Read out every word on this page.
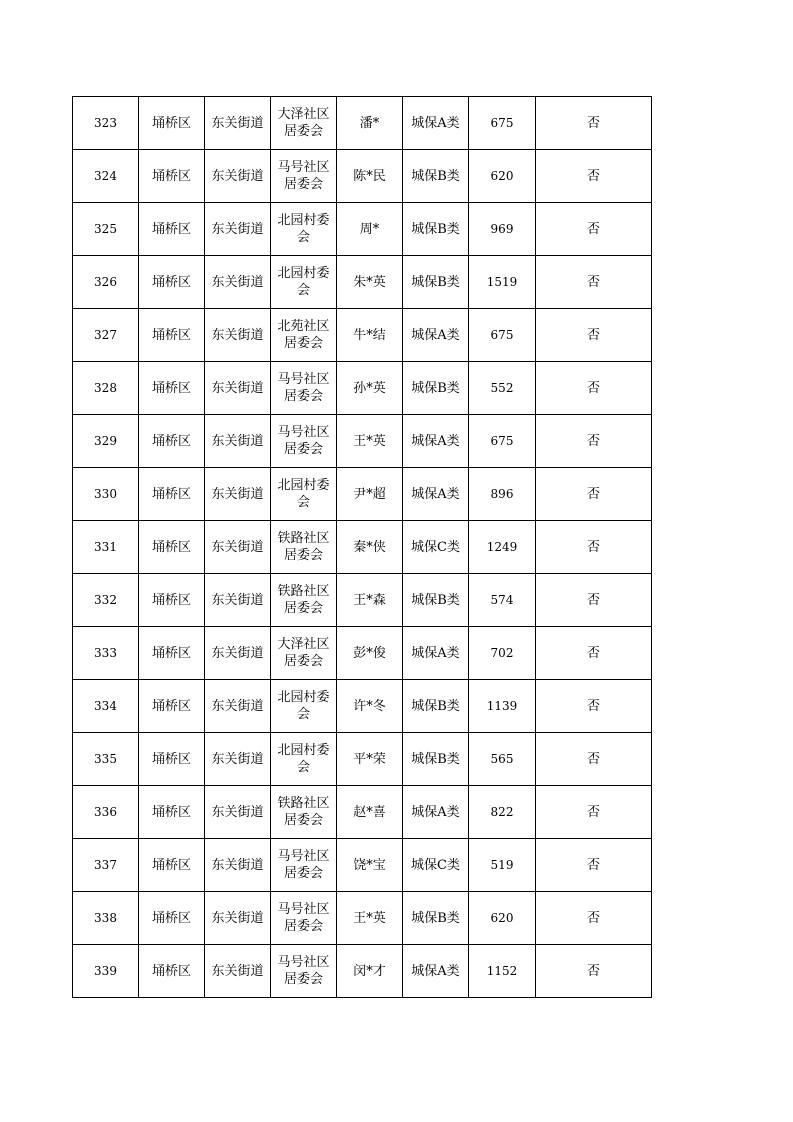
323	埇桥区	东关街道	大泽社区居委会	潘*	城保A类	675	否
324	埇桥区	东关街道	马号社区居委会	陈*民	城保B类	620	否
325	埇桥区	东关街道	北园村委会	周*	城保B类	969	否
326	埇桥区	东关街道	北园村委会	朱*英	城保B类	1519	否
327	埇桥区	东关街道	北苑社区居委会	牛*结	城保A类	675	否
328	埇桥区	东关街道	马号社区居委会	孙*英	城保B类	552	否
329	埇桥区	东关街道	马号社区居委会	王*英	城保A类	675	否
330	埇桥区	东关街道	北园村委会	尹*超	城保A类	896	否
331	埇桥区	东关街道	铁路社区居委会	秦*侠	城保C类	1249	否
332	埇桥区	东关街道	铁路社区居委会	王*森	城保B类	574	否
333	埇桥区	东关街道	大泽社区居委会	彭*俊	城保A类	702	否
334	埇桥区	东关街道	北园村委会	许*冬	城保B类	1139	否
335	埇桥区	东关街道	北园村委会	平*荣	城保B类	565	否
336	埇桥区	东关街道	铁路社区居委会	赵*喜	城保A类	822	否
337	埇桥区	东关街道	马号社区居委会	饶*宝	城保C类	519	否
338	埇桥区	东关街道	马号社区居委会	王*英	城保B类	620	否
339	埇桥区	东关街道	马号社区居委会	闵*才	城保A类	1152	否
